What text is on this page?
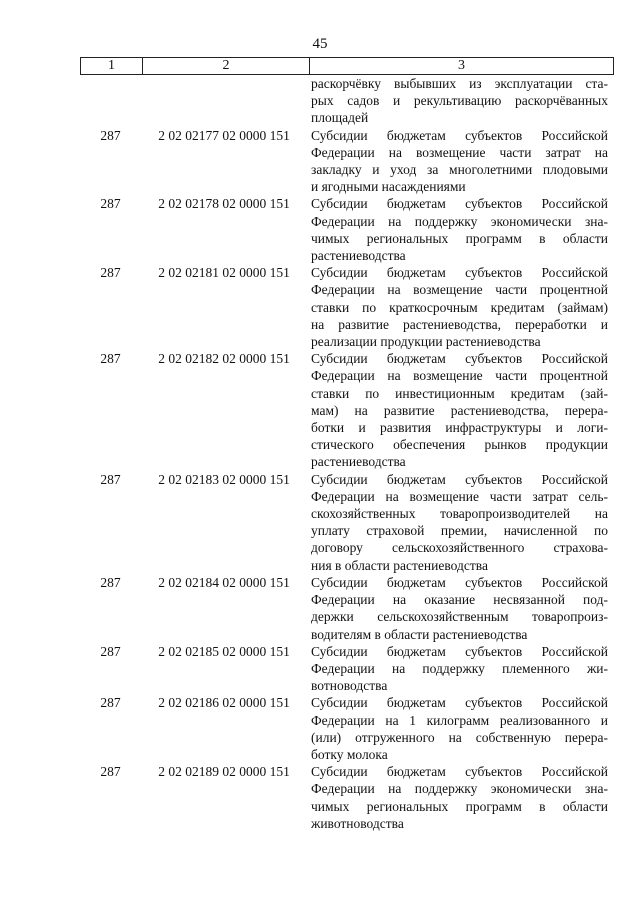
45
1	2	3
раскорчёвку выбывших из эксплуатации ста-
рых садов и рекультивацию раскорчёванных
площадей
287	2 02 02177 02 0000 151	Субсидии бюджетам субъектов Российской
Федерации на возмещение части затрат на
закладку и уход за многолетними плодовыми
и ягодными насаждениями
287	2 02 02178 02 0000 151	Субсидии бюджетам субъектов Российской
Федерации на поддержку экономически зна-
чимых региональных программ в области
растениеводства
287	2 02 02181 02 0000 151	Субсидии бюджетам субъектов Российской
Федерации на возмещение части процентной
ставки по краткосрочным кредитам (займам)
на развитие растениеводства, переработки и
реализации продукции растениеводства
287	2 02 02182 02 0000 151	Субсидии бюджетам субъектов Российской
Федерации на возмещение части процентной
ставки по инвестиционным кредитам (зай-
мам) на развитие растениеводства, перера-
ботки и развития инфраструктуры и логи-
стического обеспечения рынков продукции
растениеводства
287	2 02 02183 02 0000 151	Субсидии бюджетам субъектов Российской
Федерации на возмещение части затрат сель-
скохозяйственных товаропроизводителей на
уплату страховой премии, начисленной по
договору сельскохозяйственного страхова-
ния в области растениеводства
287	2 02 02184 02 0000 151	Субсидии бюджетам субъектов Российской
Федерации на оказание несвязанной под-
держки сельскохозяйственным товаропроиз-
водителям в области растениеводства
287	2 02 02185 02 0000 151	Субсидии бюджетам субъектов Российской
Федерации на поддержку племенного жи-
вотноводства
287	2 02 02186 02 0000 151	Субсидии бюджетам субъектов Российской
Федерации на 1 килограмм реализованного и
(или) отгруженного на собственную перера-
ботку молока
287	2 02 02189 02 0000 151	Субсидии бюджетам субъектов Российской
Федерации на поддержку экономически зна-
чимых региональных программ в области
животноводства
